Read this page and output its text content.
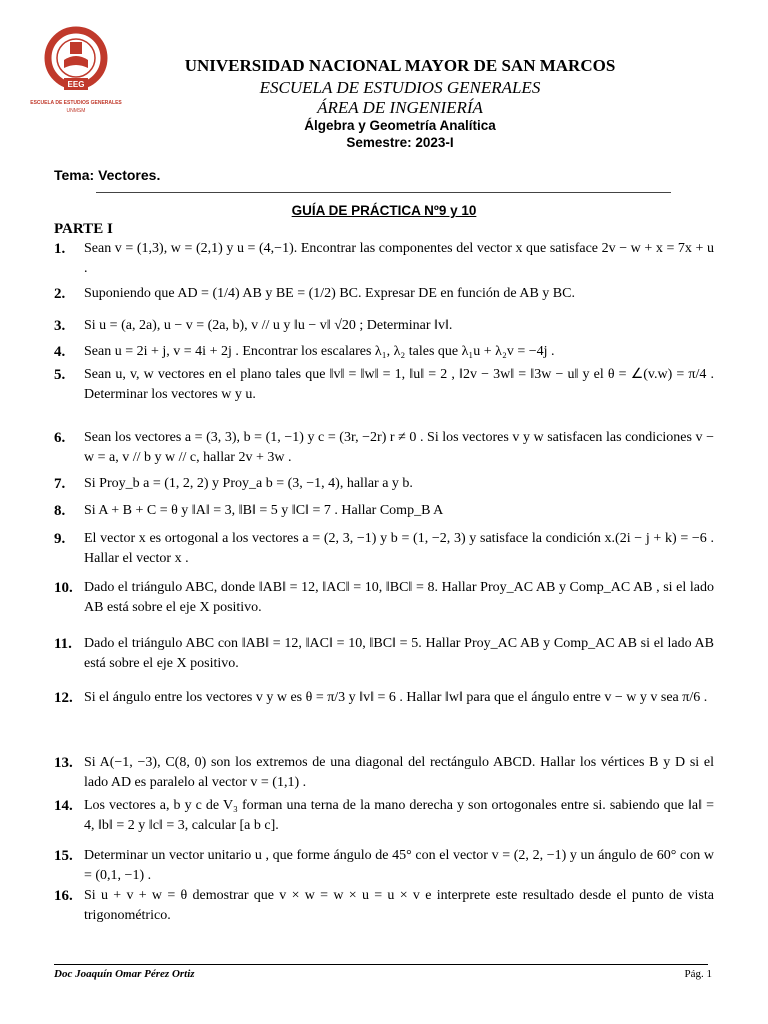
EEG
ESCUELA DE ESTUDIOS GENERALES
UNMSM
UNIVERSIDAD NACIONAL MAYOR DE SAN MARCOS
ESCUELA DE ESTUDIOS GENERALES
ÁREA DE INGENIERÍA
Álgebra y Geometría Analítica
Semestre: 2023-I
Tema: Vectores.
GUÍA DE PRÁCTICA Nº9 y 10
PARTE I
1. Sean v = (1,3), w = (2,1) y u = (4,−1). Encontrar las componentes del vector x que satisface 2v − w + x = 7x + u .
2. Suponiendo que AD = (1/4) AB y BE = (1/2) BC. Expresar DE en función de AB y BC.
3. Si u = (a, 2a), u − v = (2a, b), v // u y ‖u − v‖ √20 ; Determinar ‖v‖.
4. Sean u = 2i + j, v = 4i + 2j . Encontrar los escalares λ₁, λ₂ tales que λ₁u + λ₂v = −4j .
5. Sean u, v, w vectores en el plano tales que ‖v‖ = ‖w‖ = 1, ‖u‖ = 2 , ‖2v − 3w‖ = ‖3w − u‖ y el θ = ∠(v.w) = π/4 . Determinar los vectores w y u.
6. Sean los vectores a = (3, 3), b = (1, −1) y c = (3r, −2r) r ≠ 0 . Si los vectores v y w satisfacen las condiciones v − w = a, v // b y w // c, hallar 2v + 3w .
7. Si Proy_b a = (1, 2, 2) y Proy_a b = (3, −1, 4), hallar a y b.
8. Si A + B + C = θ y ‖A‖ = 3, ‖B‖ = 5 y ‖C‖ = 7 . Hallar Comp_B A
9. El vector x es ortogonal a los vectores a = (2, 3, −1) y b = (1, −2, 3) y satisface la condición x.(2i − j + k) = −6 . Hallar el vector x .
10. Dado el triángulo ABC, donde ‖AB‖ = 12, ‖AC‖ = 10, ‖BC‖ = 8. Hallar Proy_AC AB y Comp_AC AB , si el lado AB está sobre el eje X positivo.
11. Dado el triángulo ABC con ‖AB‖ = 12, ‖AC‖ = 10, ‖BC‖ = 5. Hallar Proy_AC AB y Comp_AC AB si el lado AB está sobre el eje X positivo.
12. Si el ángulo entre los vectores v y w es θ = π/3 y ‖v‖ = 6 . Hallar ‖w‖ para que el ángulo entre v − w y v sea π/6 .
13. Si A(−1, −3), C(8, 0) son los extremos de una diagonal del rectángulo ABCD. Hallar los vértices B y D si el lado AD es paralelo al vector v = (1,1) .
14. Los vectores a, b y c de V₃ forman una terna de la mano derecha y son ortogonales entre si. sabiendo que ‖a‖ = 4, ‖b‖ = 2 y ‖c‖ = 3, calcular [a b c].
15. Determinar un vector unitario u , que forme ángulo de 45° con el vector v = (2, 2, −1) y un ángulo de 60° con w = (0,1, −1) .
16. Si u + v + w = θ demostrar que v × w = w × u = u × v e interprete este resultado desde el punto de vista trigonométrico.
Doc Joaquín Omar Pérez Ortiz	Pág. 1
